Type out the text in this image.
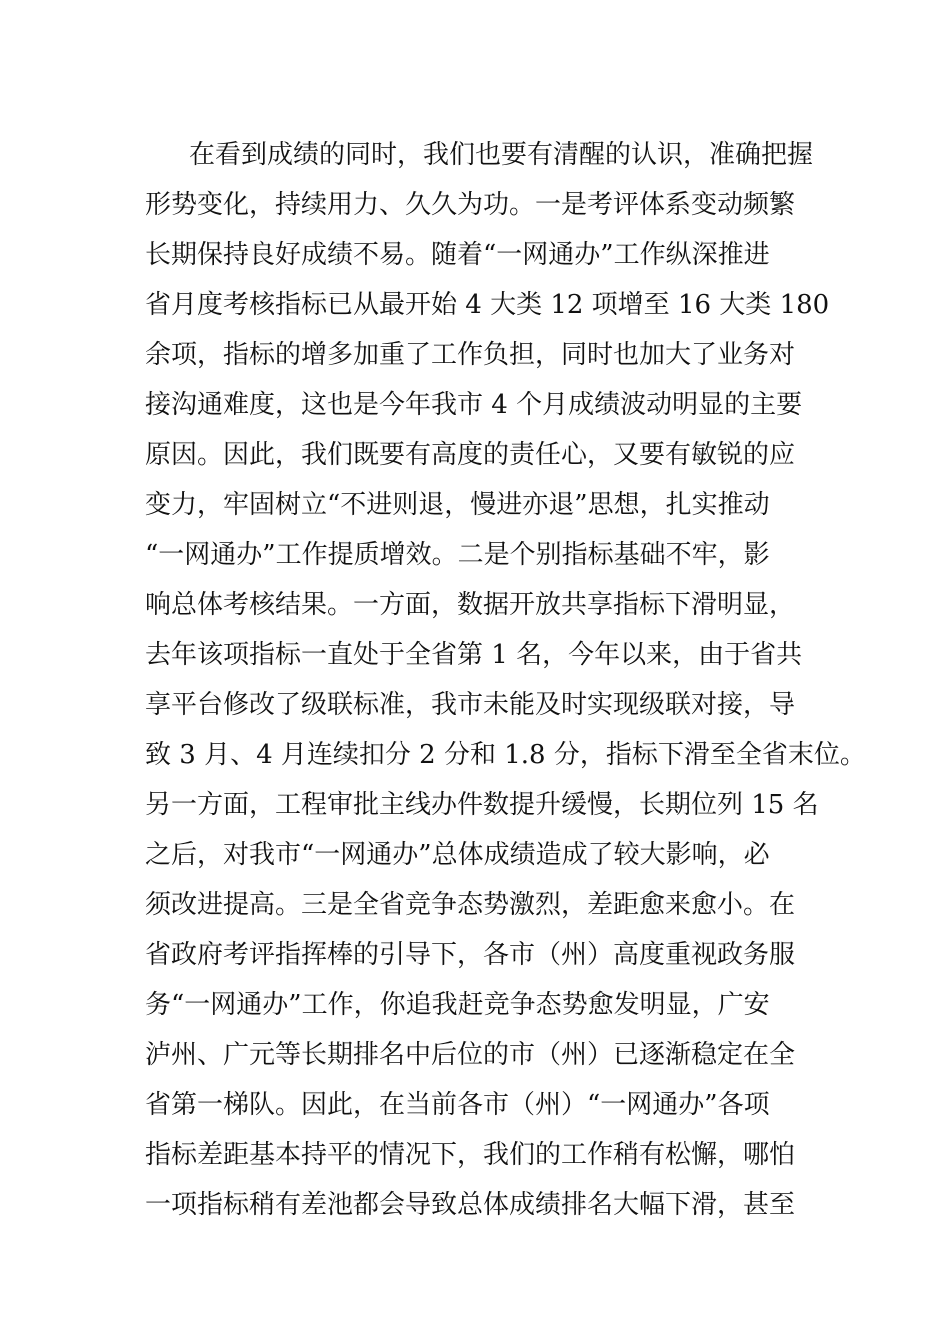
在看到成绩的同时，我们也要有清醒的认识，准确把握
形势变化，持续用力、久久为功。一是考评体系变动频繁
长期保持良好成绩不易。随着“一网通办”工作纵深推进
省月度考核指标已从最开始 4 大类 12 项增至 16 大类 180
余项，指标的增多加重了工作负担，同时也加大了业务对
接沟通难度，这也是今年我市 4 个月成绩波动明显的主要
原因。因此，我们既要有高度的责任心，又要有敏锐的应
变力，牢固树立“不进则退，慢进亦退”思想，扎实推动
“一网通办”工作提质增效。二是个别指标基础不牢，影
响总体考核结果。一方面，数据开放共享指标下滑明显，
去年该项指标一直处于全省第 1 名，今年以来，由于省共
享平台修改了级联标准，我市未能及时实现级联对接，导
致 3 月、4 月连续扣分 2 分和 1.8 分，指标下滑至全省末位。
另一方面，工程审批主线办件数提升缓慢，长期位列 15 名
之后，对我市“一网通办”总体成绩造成了较大影响，必
须改进提高。三是全省竞争态势激烈，差距愈来愈小。在
省政府考评指挥棒的引导下，各市（州）高度重视政务服
务“一网通办”工作，你追我赶竞争态势愈发明显，广安
泸州、广元等长期排名中后位的市（州）已逐渐稳定在全
省第一梯队。因此，在当前各市（州）“一网通办”各项
指标差距基本持平的情况下，我们的工作稍有松懈，哪怕
一项指标稍有差池都会导致总体成绩排名大幅下滑，甚至
